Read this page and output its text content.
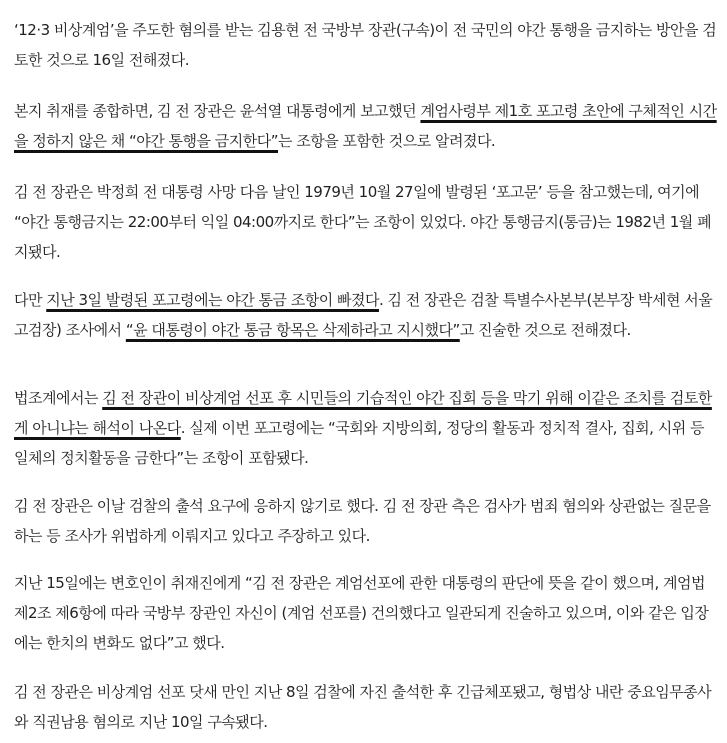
‘12·3 비상계엄’을 주도한 혐의를 받는 김용현 전 국방부 장관(구속)이 전 국민의 야간 통행을 금지하는 방안을 검토한 것으로 16일 전해졌다.

본지 취재를 종합하면, 김 전 장관은 윤석열 대통령에게 보고했던 계엄사령부 제1호 포고령 초안에 구체적인 시간을 정하지 않은 채 “야간 통행을 금지한다”는 조항을 포함한 것으로 알려졌다.

김 전 장관은 박정희 전 대통령 사망 다음 날인 1979년 10월 27일에 발령된 ‘포고문’ 등을 참고했는데, 여기에 “야간 통행금지는 22:00부터 익일 04:00까지로 한다”는 조항이 있었다. 야간 통행금지(통금)는 1982년 1월 폐지됐다.

다만 지난 3일 발령된 포고령에는 야간 통금 조항이 빠졌다. 김 전 장관은 검찰 특별수사본부(본부장 박세현 서울고검장) 조사에서 “윤 대통령이 야간 통금 항목은 삭제하라고 지시했다”고 진술한 것으로 전해졌다.

법조계에서는 김 전 장관이 비상계엄 선포 후 시민들의 기습적인 야간 집회 등을 막기 위해 이같은 조치를 검토한 게 아니냐는 해석이 나온다. 실제 이번 포고령에는 “국회와 지방의회, 정당의 활동과 정치적 결사, 집회, 시위 등 일체의 정치활동을 금한다”는 조항이 포함됐다.

김 전 장관은 이날 검찰의 출석 요구에 응하지 않기로 했다. 김 전 장관 측은 검사가 범죄 혐의와 상관없는 질문을 하는 등 조사가 위법하게 이뤄지고 있다고 주장하고 있다.

지난 15일에는 변호인이 취재진에게 “김 전 장관은 계엄선포에 관한 대통령의 판단에 뜻을 같이 했으며, 계엄법 제2조 제6항에 따라 국방부 장관인 자신이 (계엄 선포를) 건의했다고 일관되게 진술하고 있으며, 이와 같은 입장에는 한치의 변화도 없다”고 했다.

김 전 장관은 비상계엄 선포 닷새 만인 지난 8일 검찰에 자진 출석한 후 긴급체포됐고, 형법상 내란 중요임무종사와 직권남용 혐의로 지난 10일 구속됐다.
